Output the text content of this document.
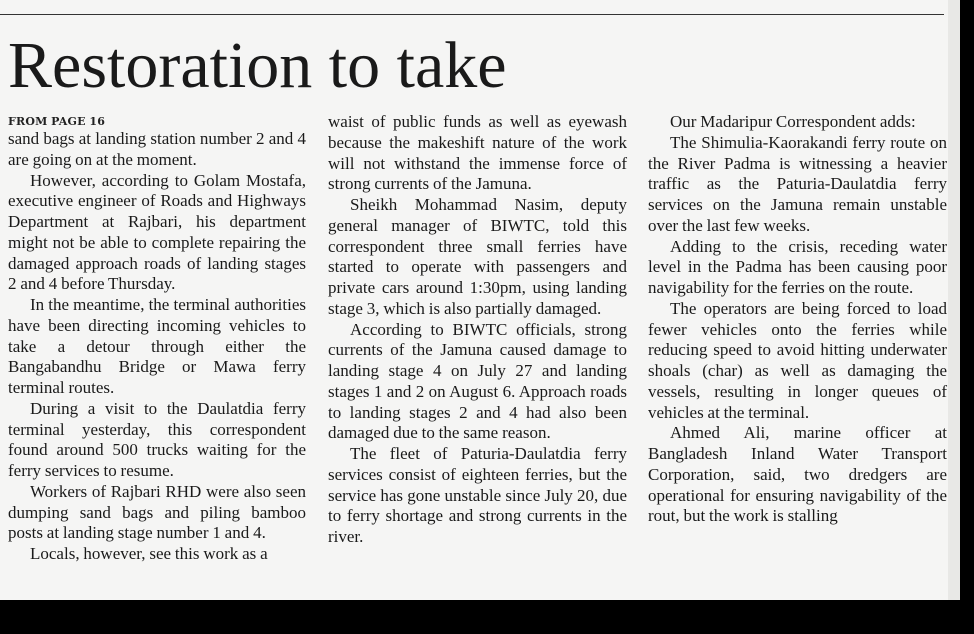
Restoration to take
FROM PAGE 16

sand bags at landing station number 2 and 4 are going on at the moment.

However, according to Golam Mostafa, executive engineer of Roads and Highways Department at Rajbari, his department might not be able to complete repairing the damaged approach roads of landing stages 2 and 4 before Thursday.

In the meantime, the terminal authorities have been directing incoming vehicles to take a detour through either the Bangabandhu Bridge or Mawa ferry terminal routes.

During a visit to the Daulatdia ferry terminal yesterday, this correspondent found around 500 trucks waiting for the ferry services to resume.

Workers of Rajbari RHD were also seen dumping sand bags and piling bamboo posts at landing stage number 1 and 4.

Locals, however, see this work as a

waist of public funds as well as eyewash because the makeshift nature of the work will not withstand the immense force of strong currents of the Jamuna.

Sheikh Mohammad Nasim, deputy general manager of BIWTC, told this correspondent three small ferries have started to operate with passengers and private cars around 1:30pm, using landing stage 3, which is also partially damaged.

According to BIWTC officials, strong currents of the Jamuna caused damage to landing stage 4 on July 27 and landing stages 1 and 2 on August 6. Approach roads to landing stages 2 and 4 had also been damaged due to the same reason.

The fleet of Paturia-Daulatdia ferry services consist of eighteen ferries, but the service has gone unstable since July 20, due to ferry shortage and strong currents in the river.

Our Madaripur Correspondent adds:

The Shimulia-Kaorakandi ferry route on the River Padma is witnessing a heavier traffic as the Paturia-Daulatdia ferry services on the Jamuna remain unstable over the last few weeks.

Adding to the crisis, receding water level in the Padma has been causing poor navigability for the ferries on the route.

The operators are being forced to load fewer vehicles onto the ferries while reducing speed to avoid hitting underwater shoals (char) as well as damaging the vessels, resulting in longer queues of vehicles at the terminal.

Ahmed Ali, marine officer at Bangladesh Inland Water Transport Corporation, said, two dredgers are operational for ensuring navigability of the rout, but the work is stalling
